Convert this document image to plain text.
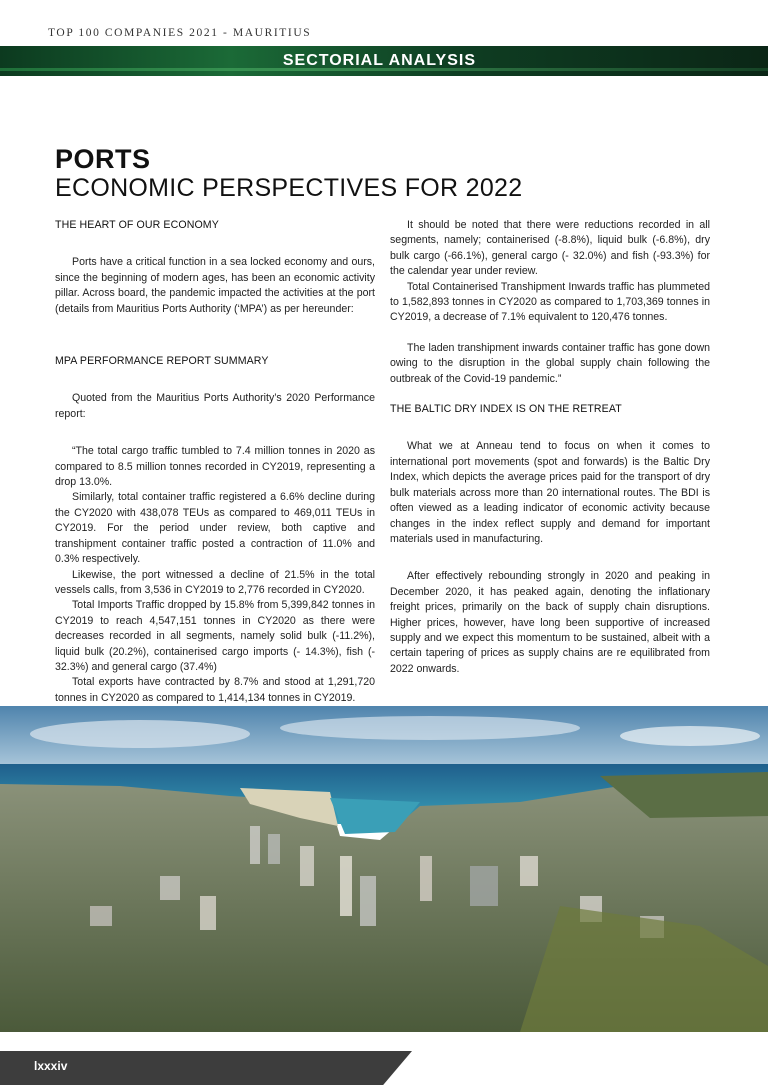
TOP 100 COMPANIES 2021 - MAURITIUS
SECTORIAL ANALYSIS
PORTS
ECONOMIC PERSPECTIVES FOR 2022

THE HEART OF OUR ECONOMY

Ports have a critical function in a sea locked economy and ours, since the beginning of modern ages, has been an economic activity pillar. Across board, the pandemic impacted the activities at the port (details from Mauritius Ports Authority (‘MPA’) as per hereunder:

MPA PERFORMANCE REPORT SUMMARY

Quoted from the Mauritius Ports Authority’s 2020 Performance report:

“The total cargo traffic tumbled to 7.4 million tonnes in 2020 as compared to 8.5 million tonnes recorded in CY2019, representing a drop 13.0%.

Similarly, total container traffic registered a 6.6% decline during the CY2020 with 438,078 TEUs as compared to 469,011 TEUs in CY2019. For the period under review, both captive and transhipment container traffic posted a contraction of 11.0% and 0.3% respectively.

Likewise, the port witnessed a decline of 21.5% in the total vessels calls, from 3,536 in CY2019 to 2,776 recorded in CY2020.

Total Imports Traffic dropped by 15.8% from 5,399,842 tonnes in CY2019 to reach 4,547,151 tonnes in CY2020 as there were decreases recorded in all segments, namely solid bulk (-11.2%), liquid bulk (20.2%), containerised cargo imports (- 14.3%), fish (- 32.3%) and general cargo (37.4%)

Total exports have contracted by 8.7% and stood at 1,291,720 tonnes in CY2020 as compared to 1,414,134 tonnes in CY2019.

It should be noted that there were reductions recorded in all segments, namely; containerised (-8.8%), liquid bulk (-6.8%), dry bulk cargo (-66.1%), general cargo (- 32.0%) and fish (-93.3%) for the calendar year under review.

Total Containerised Transhipment Inwards traffic has plummeted to 1,582,893 tonnes in CY2020 as compared to 1,703,369 tonnes in CY2019, a decrease of 7.1% equivalent to 120,476 tonnes.

The laden transhipment inwards container traffic has gone down owing to the disruption in the global supply chain following the outbreak of the Covid-19 pandemic.”

THE BALTIC DRY INDEX IS ON THE RETREAT

What we at Anneau tend to focus on when it comes to international port movements (spot and forwards) is the Baltic Dry Index, which depicts the average prices paid for the transport of dry bulk materials across more than 20 international routes. The BDI is often viewed as a leading indicator of economic activity because changes in the index reflect supply and demand for important materials used in manufacturing.

After effectively rebounding strongly in 2020 and peaking in December 2020, it has peaked again, denoting the inflationary freight prices, primarily on the back of supply chain disruptions. Higher prices, however, have long been supportive of increased supply and we expect this momentum to be sustained, albeit with a certain tapering of prices as supply chains are re equilibrated from 2022 onwards.

lxxxiv
